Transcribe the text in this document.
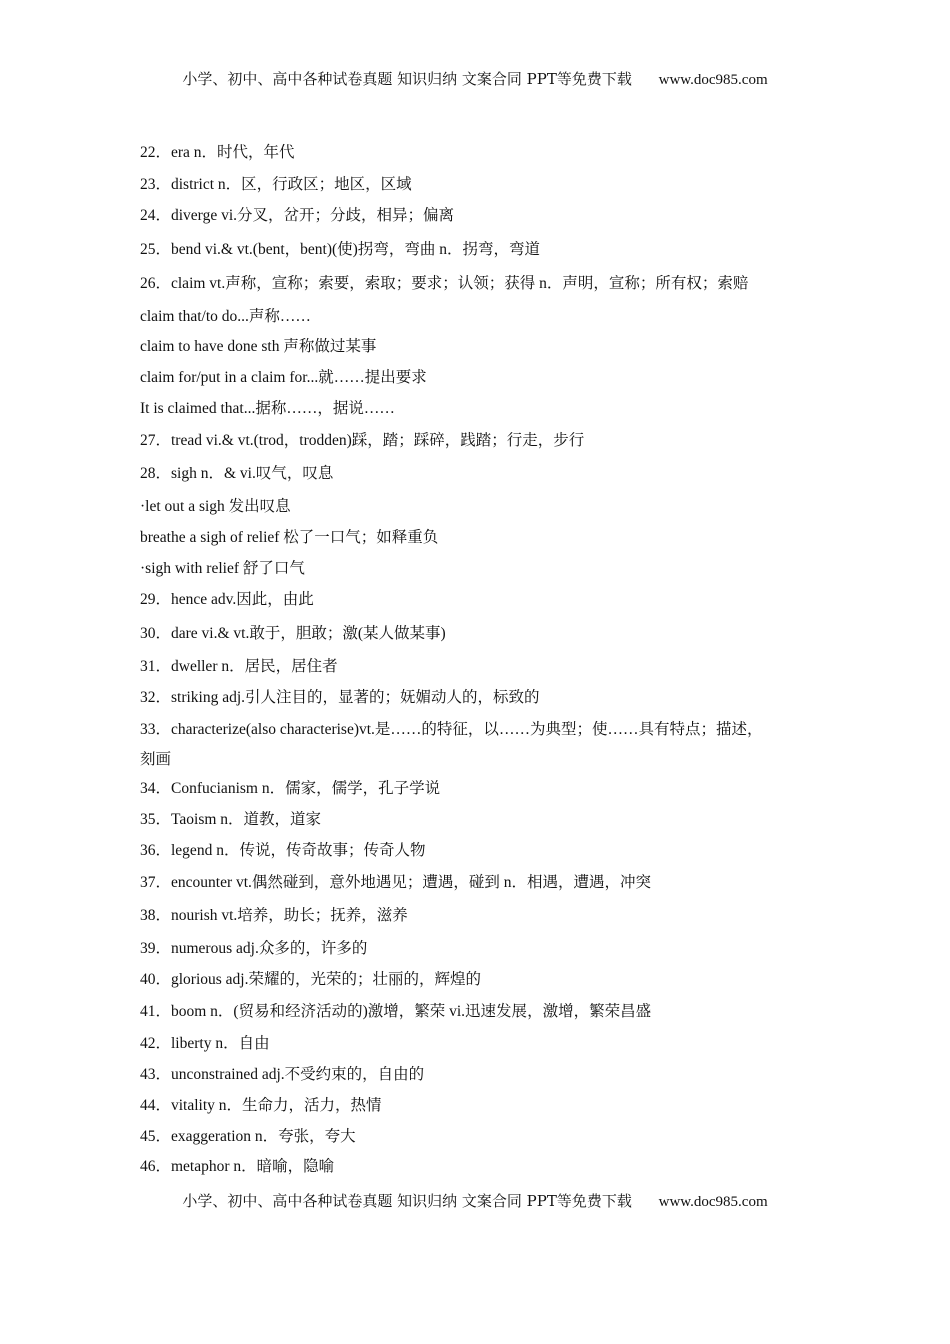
小学、初中、高中各种试卷真题 知识归纳 文案合同 PPT等免费下载 www.doc985.com
22．era n．时代，年代
23．district n．区，行政区；地区，区域
24．diverge vi.分叉，岔开；分歧，相异；偏离
25．bend vi.& vt.(bent，bent)(使)拐弯，弯曲 n．拐弯，弯道
26．claim vt.声称，宣称；索要，索取；要求；认领；获得 n．声明，宣称；所有权；索赔
claim that/to do...声称……
claim to have done sth 声称做过某事
claim for/put in a claim for...就……提出要求
It is claimed that...据称……，据说……
27．tread vi.& vt.(trod，trodden)踩，踏；踩碎，践踏；行走，步行
28．sigh n．& vi.叹气，叹息
·let out a sigh 发出叹息
breathe a sigh of relief 松了一口气；如释重负
·sigh with relief 舒了口气
29．hence adv.因此，由此
30．dare vi.& vt.敢于，胆敢；激(某人做某事)
31．dweller n．居民，居住者
32．striking adj.引人注目的，显著的；妩媚动人的，标致的
33．characterize(also characterise)vt.是……的特征，以……为典型；使……具有特点；描述，
刻画
34．Confucianism n．儒家，儒学，孔子学说
35．Taoism n．道教，道家
36．legend n．传说，传奇故事；传奇人物
37．encounter vt.偶然碰到，意外地遇见；遭遇，碰到 n．相遇，遭遇，冲突
38．nourish vt.培养，助长；抚养，滋养
39．numerous adj.众多的，许多的
40．glorious adj.荣耀的，光荣的；壮丽的，辉煌的
41．boom n．(贸易和经济活动的)激增，繁荣 vi.迅速发展，激增，繁荣昌盛
42．liberty n．自由
43．unconstrained adj.不受约束的，自由的
44．vitality n．生命力，活力，热情
45．exaggeration n．夸张，夸大
46．metaphor n．暗喻，隐喻
小学、初中、高中各种试卷真题 知识归纳 文案合同 PPT等免费下载 www.doc985.com
